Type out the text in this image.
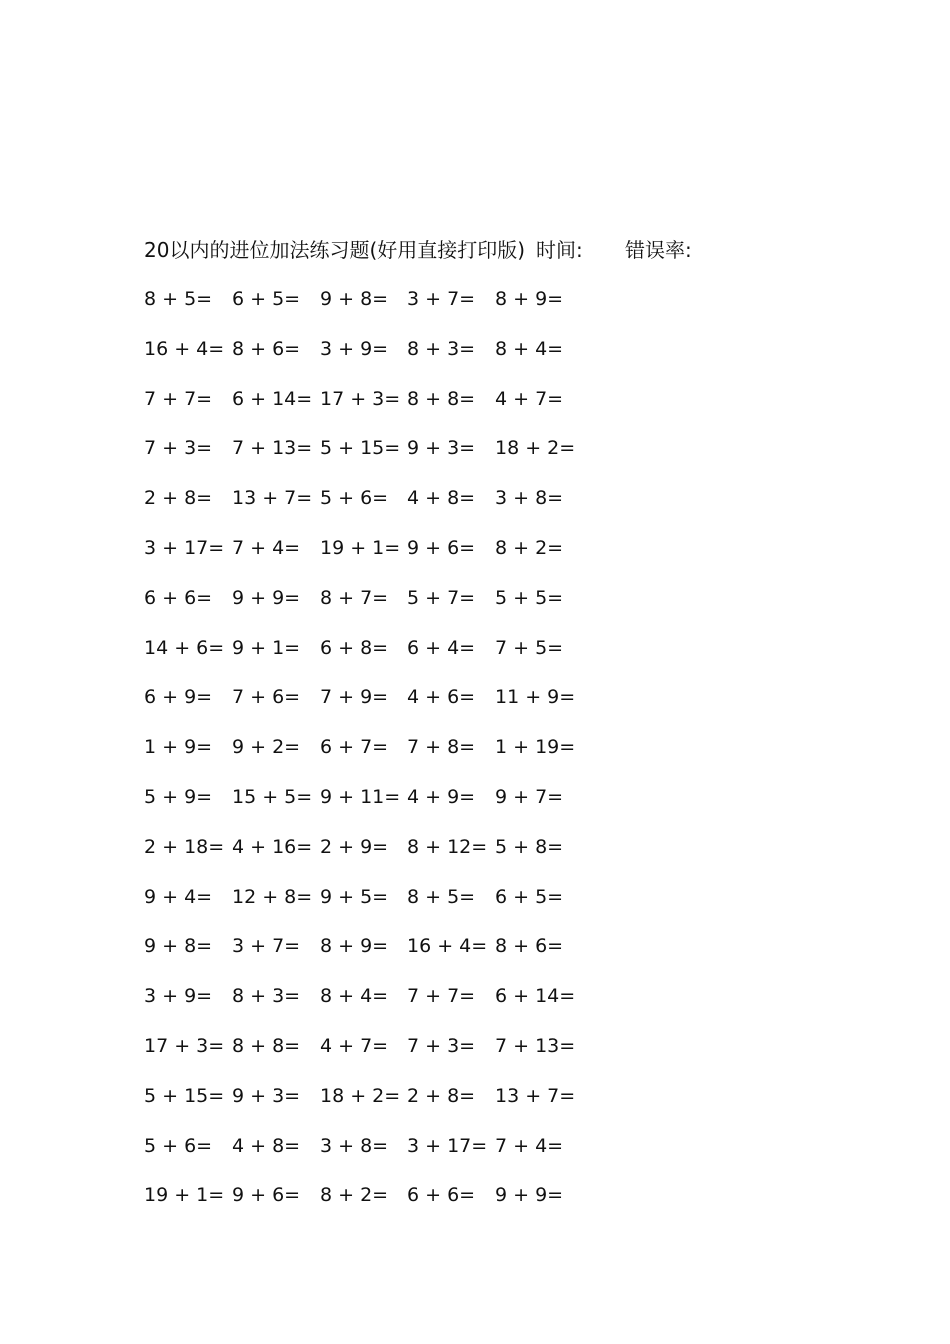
20以内的进位加法练习题(好用直接打印版) 时间: 错误率:
8 + 5=	6 + 5=	9 + 8= 3 + 7=	8 + 9=
16 + 4= 8 + 6=	3 + 9= 8 + 3=	8 + 4=
7 + 7=	6 + 14= 17 + 3= 8 + 8=	4 + 7=
7 + 3=	7 + 13= 5 + 15= 9 + 3=	18 + 2=
2 + 8=	13 + 7= 5 + 6= 4 + 8=	3 + 8=
3 + 17= 7 + 4=	19 + 1= 9 + 6=	8 + 2=
6 + 6=	9 + 9=	8 + 7= 5 + 7=	5 + 5=
14 + 6= 9 + 1=	6 + 8= 6 + 4=	7 + 5=
6 + 9=	7 + 6=	7 + 9= 4 + 6=	11 + 9=
1 + 9=	9 + 2=	6 + 7= 7 + 8=	1 + 19=
5 + 9=	15 + 5= 9 + 11= 4 + 9=	9 + 7=
2 + 18= 4 + 16= 2 + 9= 8 + 12= 5 + 8=
9 + 4=	12 + 8= 9 + 5= 8 + 5=	6 + 5=
9 + 8=	3 + 7=	8 + 9= 16 + 4= 8 + 6=
3 + 9=	8 + 3=	8 + 4= 7 + 7=	6 + 14=
17 + 3= 8 + 8=	4 + 7= 7 + 3=	7 + 13=
5 + 15= 9 + 3=	18 + 2= 2 + 8=	13 + 7=
5 + 6=	4 + 8=	3 + 8= 3 + 17= 7 + 4=
19 + 1= 9 + 6=	8 + 2= 6 + 6=	9 + 9=
